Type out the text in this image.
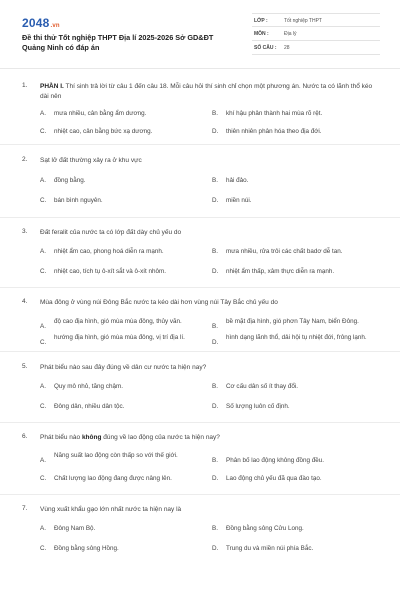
2048.vn
Đề thi thử Tốt nghiệp THPT Địa lí 2025-2026 Sở GD&ĐT Quảng Ninh có đáp án
LỚP :	Tốt nghiệp THPT
MÔN :	Địa lý
SỐ CÂU : 28
1. PHẦN I. Thí sinh trả lời từ câu 1 đến câu 18. Mỗi câu hỏi thí sinh chỉ chọn một phương án. Nước ta có lãnh thổ kéo dài nên
A. mưa nhiều, cân bằng ẩm dương.	B. khí hậu phân thành hai mùa rõ rệt.
C. nhiệt cao, cân bằng bức xạ dương.	D. thiên nhiên phân hóa theo địa đới.
2. Sạt lở đất thường xảy ra ở khu vực
A. đồng bằng.	B. hải đảo.
C. bán bình nguyên.	D. miền núi.
3. Đất feralit của nước ta có lớp đất dày chủ yếu do
A. nhiệt ẩm cao, phong hoá diễn ra mạnh.	B. mưa nhiều, rửa trôi các chất badơ dễ tan.
C. nhiệt cao, tích tụ ô-xít sắt và ô-xít nhôm.	D. nhiệt ẩm thấp, xâm thực diễn ra mạnh.
4. Mùa đông ở vùng núi Đông Bắc nước ta kéo dài hơn vùng núi Tây Bắc chủ yếu do
A.
độ cao địa hình, gió mùa mùa đông, thủy văn.
B.
bề mặt địa hình, gió phơn Tây Nam, biển Đông.
C.
hướng địa hình, gió mùa mùa đông, vị trí địa lí.
D.
hình dạng lãnh thổ, dải hội tụ nhiệt đới, frông lạnh.
5. Phát biểu nào sau đây đúng về dân cư nước ta hiện nay?
A. Quy mô nhỏ, tăng chậm.	B. Cơ cấu dân số ít thay đổi.
C. Đông dân, nhiều dân tộc.	D. Số lượng luôn cố định.
6. Phát biểu nào không đúng về lao động của nước ta hiện nay?
A.
Năng suất lao động còn thấp so với thế giới.
B. Phân bố lao động không đồng đều.
C. Chất lượng lao động đang được nâng lên.	D. Lao động chủ yếu đã qua đào tạo.
7. Vùng xuất khẩu gạo lớn nhất nước ta hiện nay là
A. Đông Nam Bộ.	B. Đồng bằng sông Cửu Long.
C. Đồng bằng sông Hồng.	D. Trung du và miền núi phía Bắc.
